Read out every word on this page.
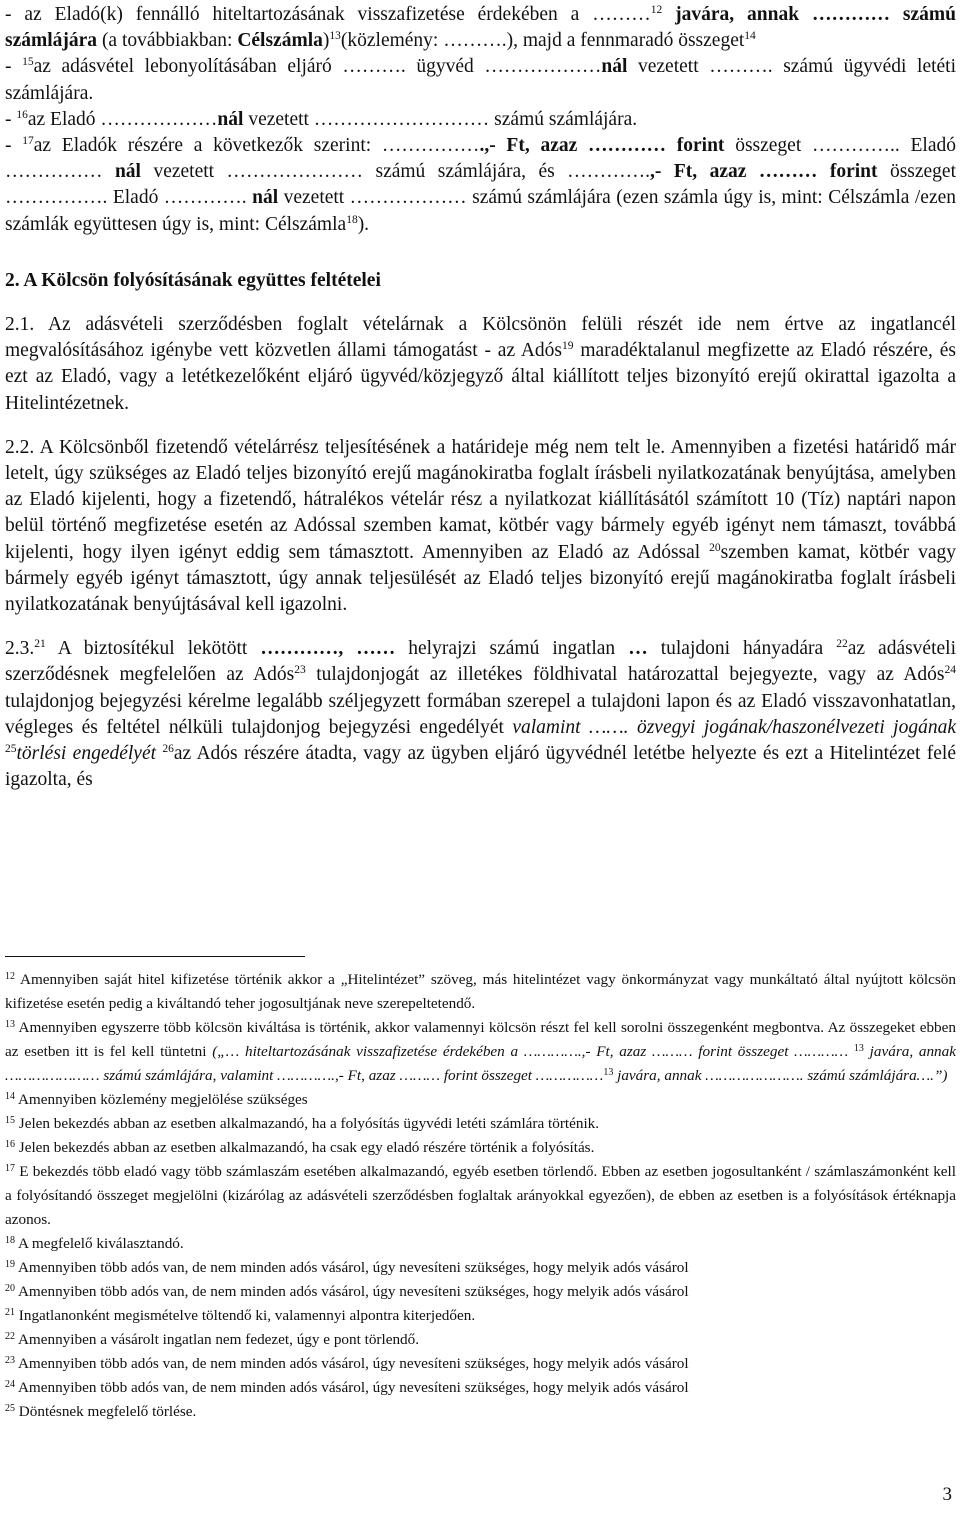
- az Eladó(k) fennálló hiteltartozásának visszafizetése érdekében a ………$^{12}$ javára, annak ………… számú számlájára (a továbbiakban: Célszámla)$^{13}$(közlemény: ……….), majd a fennmaradó összeget$^{14}$

- $^{15}$az adásvétel lebonyolításában eljáró ………. ügyvéd ………………nál vezetett ………. számú ügyvédi letéti számlájára.

- $^{16}$az Eladó ………………nál vezetett ……………………… számú számlájára.

- $^{17}$az Eladók részére a következők szerint: …………….,- Ft, azaz ………… forint összeget ………….. Eladó …………… nál vezetett ………………… számú számlájára, és ………….,- Ft, azaz ……… forint összeget ……………. Eladó …………. nál vezetett ……………… számú számlájára (ezen számla úgy is, mint: Célszámla /ezen számlák együttesen úgy is, mint: Célszámla$^{18}$).

2. A Kölcsön folyósításának együttes feltételei

2.1. Az adásvételi szerződésben foglalt vételárnak a Kölcsönön felüli részét ide nem értve az ingatlancél megvalósításához igénybe vett közvetlen állami támogatást - az Adós$^{19}$ maradéktalanul megfizette az Eladó részére, és ezt az Eladó, vagy a letétkezelőként eljáró ügyvéd/közjegyző által kiállított teljes bizonyító erejű okirattal igazolta a Hitelintézetnek.

2.2. A Kölcsönből fizetendő vételárrész teljesítésének a határideje még nem telt le. Amennyiben a fizetési határidő már letelt, úgy szükséges az Eladó teljes bizonyító erejű magánokiratba foglalt írásbeli nyilatkozatának benyújtása, amelyben az Eladó kijelenti, hogy a fizetendő, hátralékos vételár rész a nyilatkozat kiállításától számított 10 (Tíz) naptári napon belül történő megfizetése esetén az Adóssal szemben kamat, kötbér vagy bármely egyéb igényt nem támaszt, továbbá kijelenti, hogy ilyen igényt eddig sem támasztott. Amennyiben az Eladó az Adóssal $^{20}$szemben kamat, kötbér vagy bármely egyéb igényt támasztott, úgy annak teljesülését az Eladó teljes bizonyító erejű magánokiratba foglalt írásbeli nyilatkozatának benyújtásával kell igazolni.

2.3.21 A biztosítékul lekötött …………, …… helyrajzi számú ingatlan … tulajdoni hányadára $^{22}$az adásvételi szerződésnek megfelelően az Adós$^{23}$ tulajdonjogát az illetékes földhivatal határozattal bejegyezte, vagy az Adós$^{24}$ tulajdonjog bejegyzési kérelme legalább széljegyzett formában szerepel a tulajdoni lapon és az Eladó visszavonhatatlan, végleges és feltétel nélküli tulajdonjog bejegyzési engedélyét valamint ……. özvegyi jogának/haszonélvezeti jogának $^{25}$törlési engedélyét $^{26}$az Adós részére átadta, vagy az ügyben eljáró ügyvédnél letétbe helyezte és ezt a Hitelintézet felé igazolta, és

$^{12}$ Amennyiben saját hitel kifizetése történik akkor a „Hitelintézet” szöveg, más hitelintézet vagy önkormányzat vagy munkáltató által nyújtott kölcsön kifizetése esetén pedig a kiváltandó teher jogosultjának neve szerepeltetendő.

$^{13}$ Amennyiben egyszerre több kölcsön kiváltása is történik, akkor valamennyi kölcsön részt fel kell sorolni összegenként megbontva. Az összegeket ebben az esetben itt is fel kell tüntetni („… hiteltartozásának visszafizetése érdekében a ………….,- Ft, azaz ……… forint összeget ………… $^{13}$ javára, annak ………………… számú számlájára, valamint ………….,- Ft, azaz ……… forint összeget ……………$^{13}$ javára, annak …………………. számú számlájára….”)

$^{14}$ Amennyiben közlemény megjelölése szükséges

$^{15}$ Jelen bekezdés abban az esetben alkalmazandó, ha a folyósítás ügyvédi letéti számlára történik.

$^{16}$ Jelen bekezdés abban az esetben alkalmazandó, ha csak egy eladó részére történik a folyósítás.

$^{17}$ E bekezdés több eladó vagy több számlaszám esetében alkalmazandó, egyéb esetben törlendő. Ebben az esetben jogosultanként / számlaszámonként kell a folyósítandó összeget megjelölni (kizárólag az adásvételi szerződésben foglaltak arányokkal egyezően), de ebben az esetben is a folyósítások értéknapja azonos.

$^{18}$ A megfelelő kiválasztandó.

$^{19}$ Amennyiben több adós van, de nem minden adós vásárol, úgy nevesíteni szükséges, hogy melyik adós vásárol

$^{20}$ Amennyiben több adós van, de nem minden adós vásárol, úgy nevesíteni szükséges, hogy melyik adós vásárol

$^{21}$ Ingatlanonként megismételve töltendő ki, valamennyi alpontra kiterjedően.

$^{22}$ Amennyiben a vásárolt ingatlan nem fedezet, úgy e pont törlendő.

$^{23}$ Amennyiben több adós van, de nem minden adós vásárol, úgy nevesíteni szükséges, hogy melyik adós vásárol

$^{24}$ Amennyiben több adós van, de nem minden adós vásárol, úgy nevesíteni szükséges, hogy melyik adós vásárol

$^{25}$ Döntésnek megfelelő törlése.

3
